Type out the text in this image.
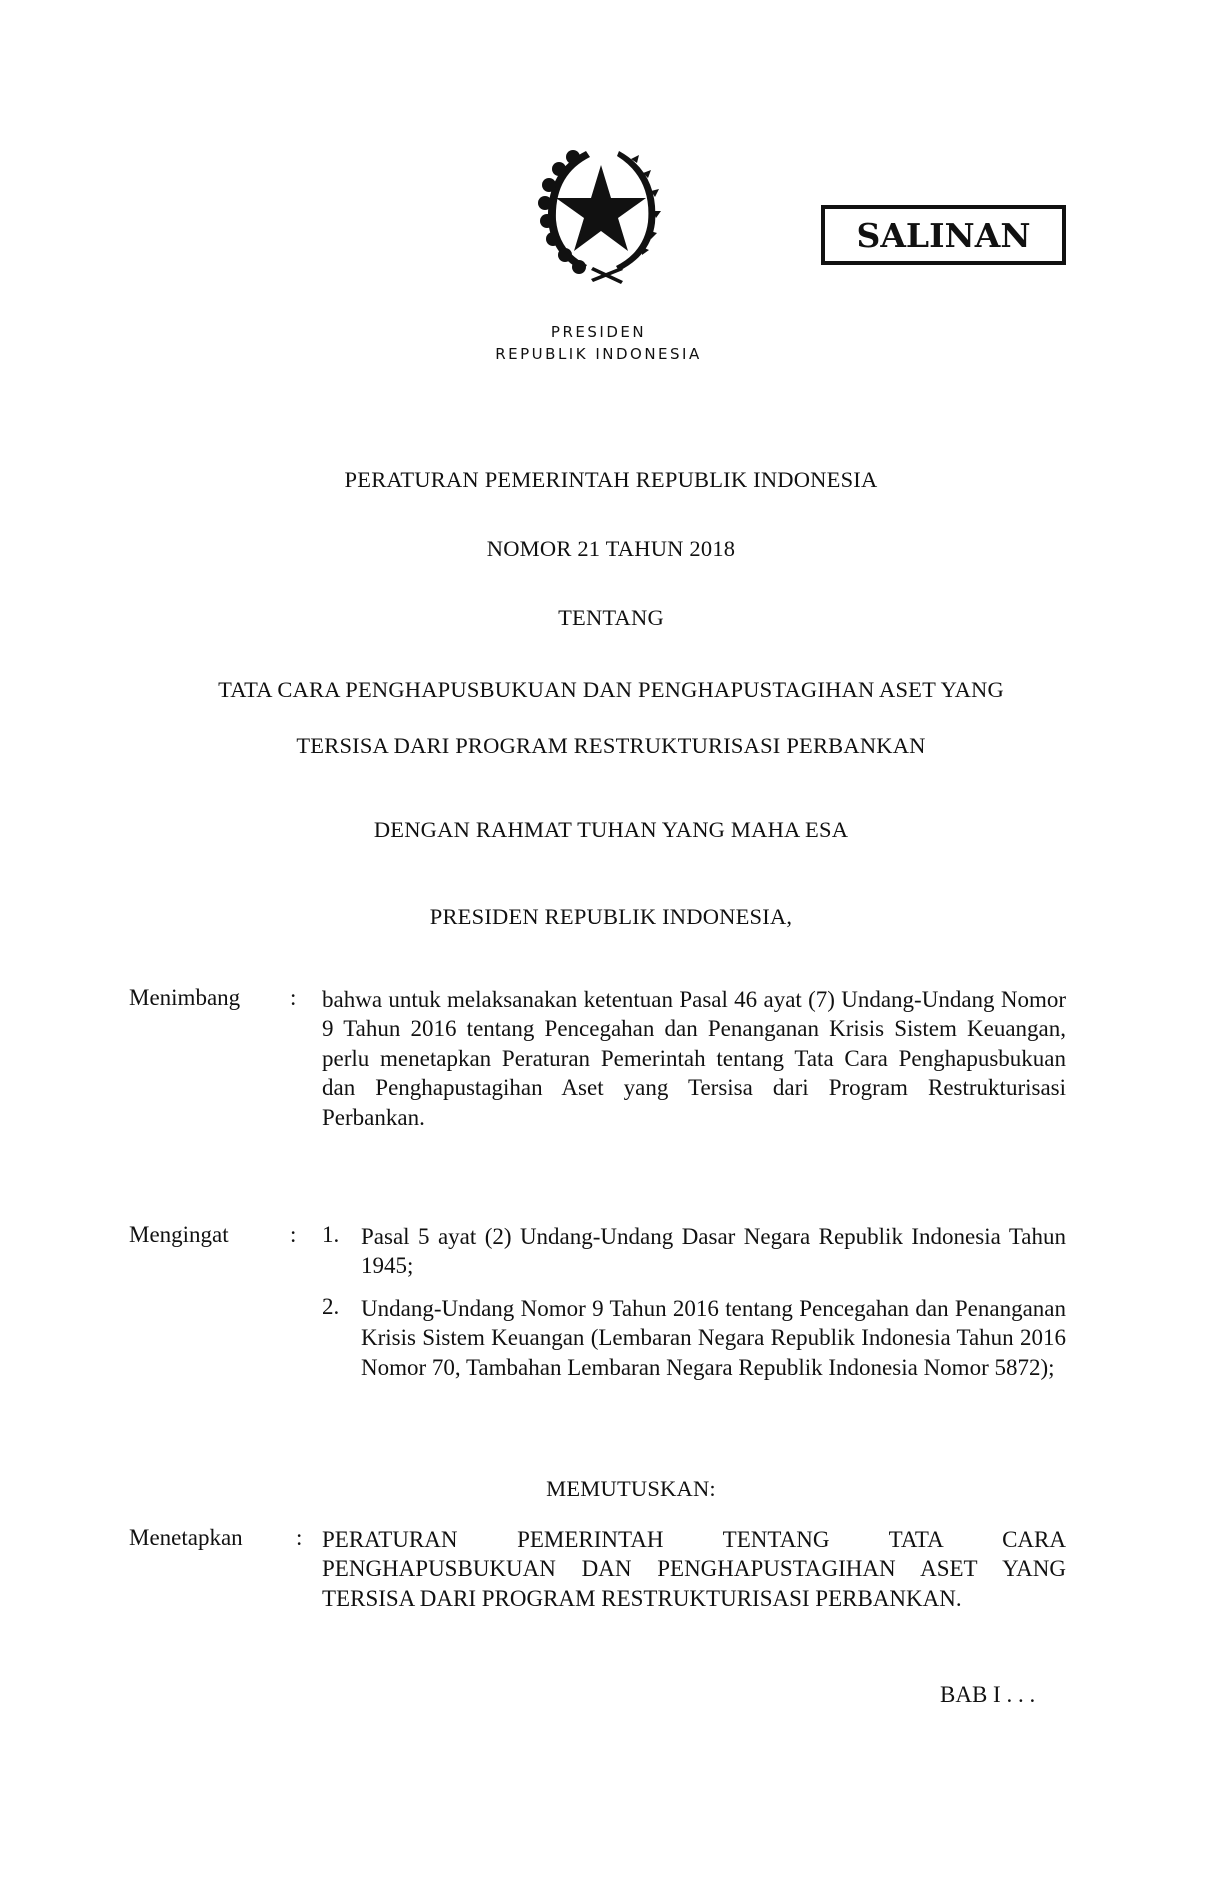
SALINAN
PRESIDEN
REPUBLIK INDONESIA
PERATURAN PEMERINTAH REPUBLIK INDONESIA
NOMOR 21 TAHUN 2018
TENTANG
TATA CARA PENGHAPUSBUKUAN DAN PENGHAPUSTAGIHAN ASET YANG
TERSISA DARI PROGRAM RESTRUKTURISASI PERBANKAN
DENGAN RAHMAT TUHAN YANG MAHA ESA
PRESIDEN REPUBLIK INDONESIA,
Menimbang : bahwa untuk melaksanakan ketentuan Pasal 46 ayat (7) Undang-Undang Nomor 9 Tahun 2016 tentang Pencegahan dan Penanganan Krisis Sistem Keuangan, perlu menetapkan Peraturan Pemerintah tentang Tata Cara Penghapusbukuan dan Penghapustagihan Aset yang Tersisa dari Program Restrukturisasi Perbankan.
Mengingat	: 1. Pasal 5 ayat (2) Undang-Undang Dasar Negara Republik Indonesia Tahun 1945;
2. Undang-Undang Nomor 9 Tahun 2016 tentang Pencegahan dan Penanganan Krisis Sistem Keuangan (Lembaran Negara Republik Indonesia Tahun 2016 Nomor 70, Tambahan Lembaran Negara Republik Indonesia Nomor 5872);
MEMUTUSKAN:
Menetapkan : PERATURAN PEMERINTAH TENTANG TATA CARA PENGHAPUSBUKUAN DAN PENGHAPUSTAGIHAN ASET YANG TERSISA DARI PROGRAM RESTRUKTURISASI PERBANKAN.
BAB I . . .
